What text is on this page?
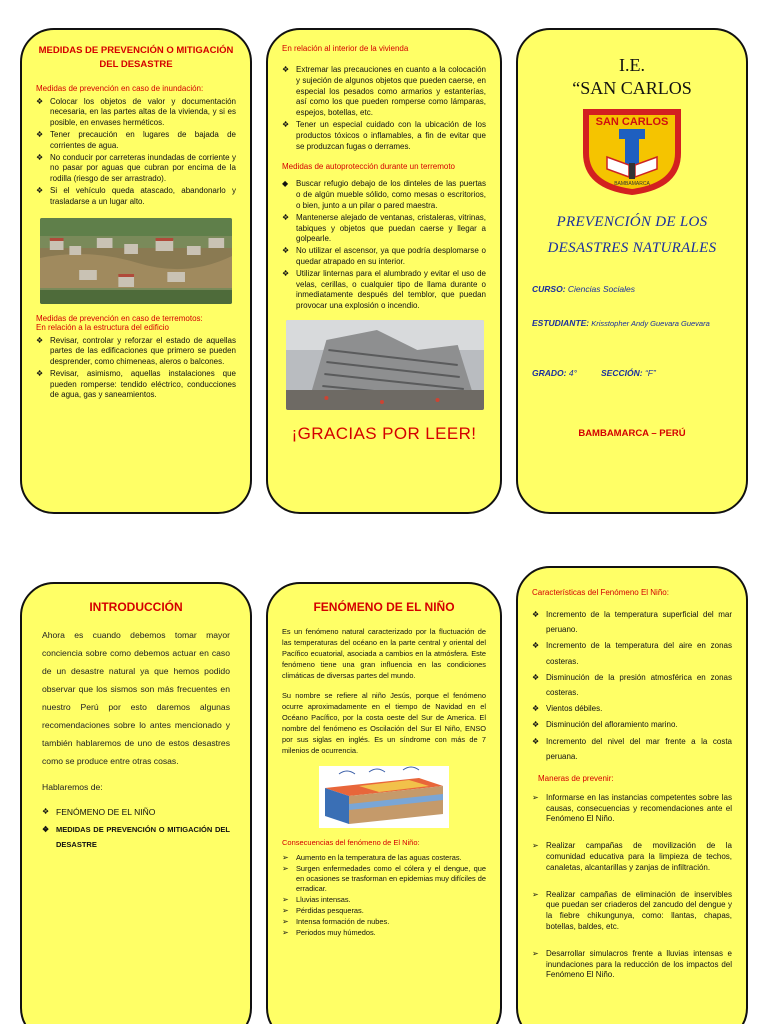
MEDIDAS DE PREVENCIÓN O MITIGACIÓN DEL DESASTRE
Medidas de prevención en caso de inundación:
❖ Colocar los objetos de valor y documentación necesaria, en las partes altas de la vivienda, y si es posible, en envases herméticos.
❖ Tener precaución en lugares de bajada de corrientes de agua.
❖ No conducir por carreteras inundadas de corriente y no pasar por aguas que cubran por encima de la rodilla (riesgo de ser arrastrado).
❖ Si el vehículo queda atascado, abandonarlo y trasladarse a un lugar alto.
Medidas de prevención en caso de terremotos:
En relación a la estructura del edificio
❖ Revisar, controlar y reforzar el estado de aquellas partes de las edificaciones que primero se pueden desprender, como chimeneas, aleros o balcones.
❖ Revisar, asimismo, aquellas instalaciones que pueden romperse: tendido eléctrico, conducciones de agua, gas y saneamientos.
En relación al interior de la vivienda
❖ Extremar las precauciones en cuanto a la colocación y sujeción de algunos objetos que pueden caerse, en especial los pesados como armarios y estanterías, así como los que pueden romperse como lámparas, espejos, botellas, etc.
❖ Tener un especial cuidado con la ubicación de los productos tóxicos o inflamables, a fin de evitar que se produzcan fugas o derrames.
Medidas de autoprotección durante un terremoto
◆ Buscar refugio debajo de los dinteles de las puertas o de algún mueble sólido, como mesas o escritorios, o bien, junto a un pilar o pared maestra.
❖ Mantenerse alejado de ventanas, cristaleras, vitrinas, tabiques y objetos que puedan caerse y llegar a golpearle.
❖ No utilizar el ascensor, ya que podría desplomarse o quedar atrapado en su interior.
❖ Utilizar linternas para el alumbrado y evitar el uso de velas, cerillas, o cualquier tipo de llama durante o inmediatamente después del temblor, que puedan provocar una explosión o incendio.
¡GRACIAS POR LEER!
I.E.
“SAN CARLOS
SAN CARLOS
BAMBAMARCA
PREVENCIÓN DE LOS DESASTRES NATURALES
CURSO: Ciencias Sociales
ESTUDIANTE: Krisstopher Andy Guevara Guevara
GRADO: 4°	SECCIÓN: “F”
BAMBAMARCA – PERÚ
INTRODUCCIÓN
Ahora es cuando debemos tomar mayor conciencia sobre como debemos actuar en caso de un desastre natural ya que hemos podido observar que los sismos son más frecuentes en nuestro Perú por esto daremos algunas recomendaciones sobre lo antes mencionado y también hablaremos de uno de estos desastres como se produce entre otras cosas.
Hablaremos de:
❖ FENÓMENO DE EL NIÑO
❖ MEDIDAS DE PREVENCIÓN O MITIGACIÓN DEL DESASTRE
FENÓMENO DE EL NIÑO
Es un fenómeno natural caracterizado por la fluctuación de las temperaturas del océano en la parte central y oriental del Pacífico ecuatorial, asociada a cambios en la atmósfera. Este fenómeno tiene una gran influencia en las condiciones climáticas de diversas partes del mundo.
Su nombre se refiere al niño Jesús, porque el fenómeno ocurre aproximadamente en el tiempo de Navidad en el Océano Pacífico, por la costa oeste del Sur de America. El nombre del fenómeno es Oscilación del Sur El Niño, ENSO por sus siglas en inglés. Es un síndrome con más de 7 milenios de ocurrencia.
Consecuencias del fenómeno de El Niño:
➢ Aumento en la temperatura de las aguas costeras.
➢ Surgen enfermedades como el cólera y el dengue, que en ocasiones se trasforman en epidemias muy difíciles de erradicar.
➢ Lluvias intensas.
➢ Pérdidas pesqueras.
➢ Intensa formación de nubes.
➢ Periodos muy húmedos.
Características del Fenómeno El Niño:
❖ Incremento de la temperatura superficial del mar peruano.
❖ Incremento de la temperatura del aire en zonas costeras.
❖ Disminución de la presión atmosférica en zonas costeras.
❖ Vientos débiles.
❖ Disminución del afloramiento marino.
❖ Incremento del nivel del mar frente a la costa peruana.
Maneras de prevenir:
➢ Informarse en las instancias competentes sobre las causas, consecuencias y recomendaciones ante el Fenómeno El Niño.
➢ Realizar campañas de movilización de la comunidad educativa para la limpieza de techos, canaletas, alcantarillas y zanjas de infiltración.
➢ Realizar campañas de eliminación de inservibles que puedan ser criaderos del zancudo del dengue y la fiebre chikungunya, como: llantas, chapas, botellas, baldes, etc.
➢ Desarrollar simulacros frente a lluvias intensas e inundaciones para la reducción de los impactos del Fenómeno El Niño.
